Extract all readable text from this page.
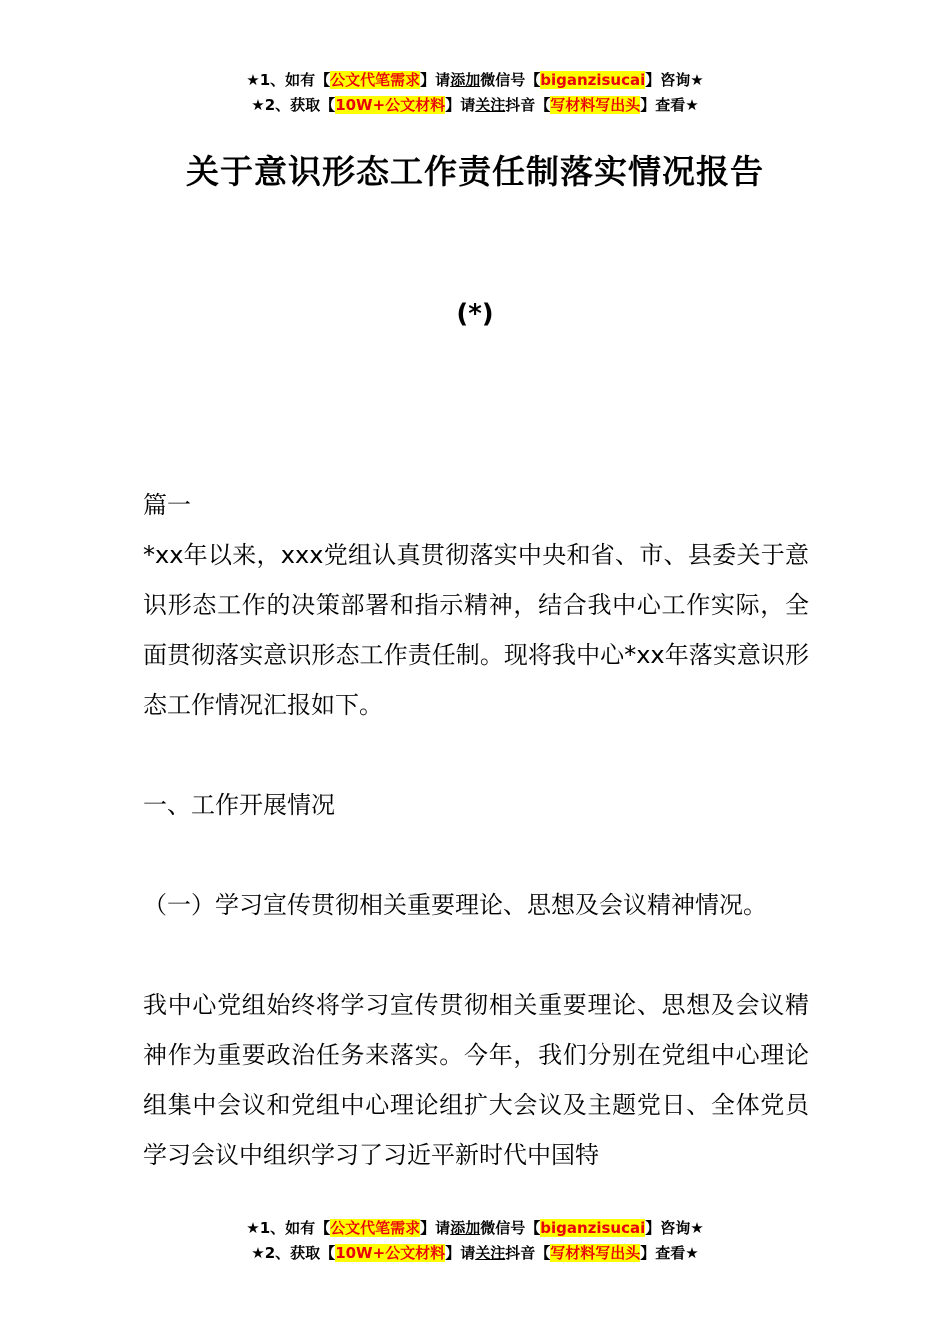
★1、如有【公文代笔需求】请添加微信号【biganzisucai】咨询★
★2、获取【10W+公文材料】请关注抖音【写材料写出头】查看★
关于意识形态工作责任制落实情况报告
(*)

篇一

*xx年以来，xxx党组认真贯彻落实中央和省、市、县委关于意识形态工作的决策部署和指示精神，结合我中心工作实际，全面贯彻落实意识形态工作责任制。现将我中心*xx年落实意识形态工作情况汇报如下。

一、工作开展情况

（一）学习宣传贯彻相关重要理论、思想及会议精神情况。

我中心党组始终将学习宣传贯彻相关重要理论、思想及会议精神作为重要政治任务来落实。今年，我们分别在党组中心理论组集中会议和党组中心理论组扩大会议及主题党日、全体党员学习会议中组织学习了习近平新时代中国特

★1、如有【公文代笔需求】请添加微信号【biganzisucai】咨询★
★2、获取【10W+公文材料】请关注抖音【写材料写出头】查看★
